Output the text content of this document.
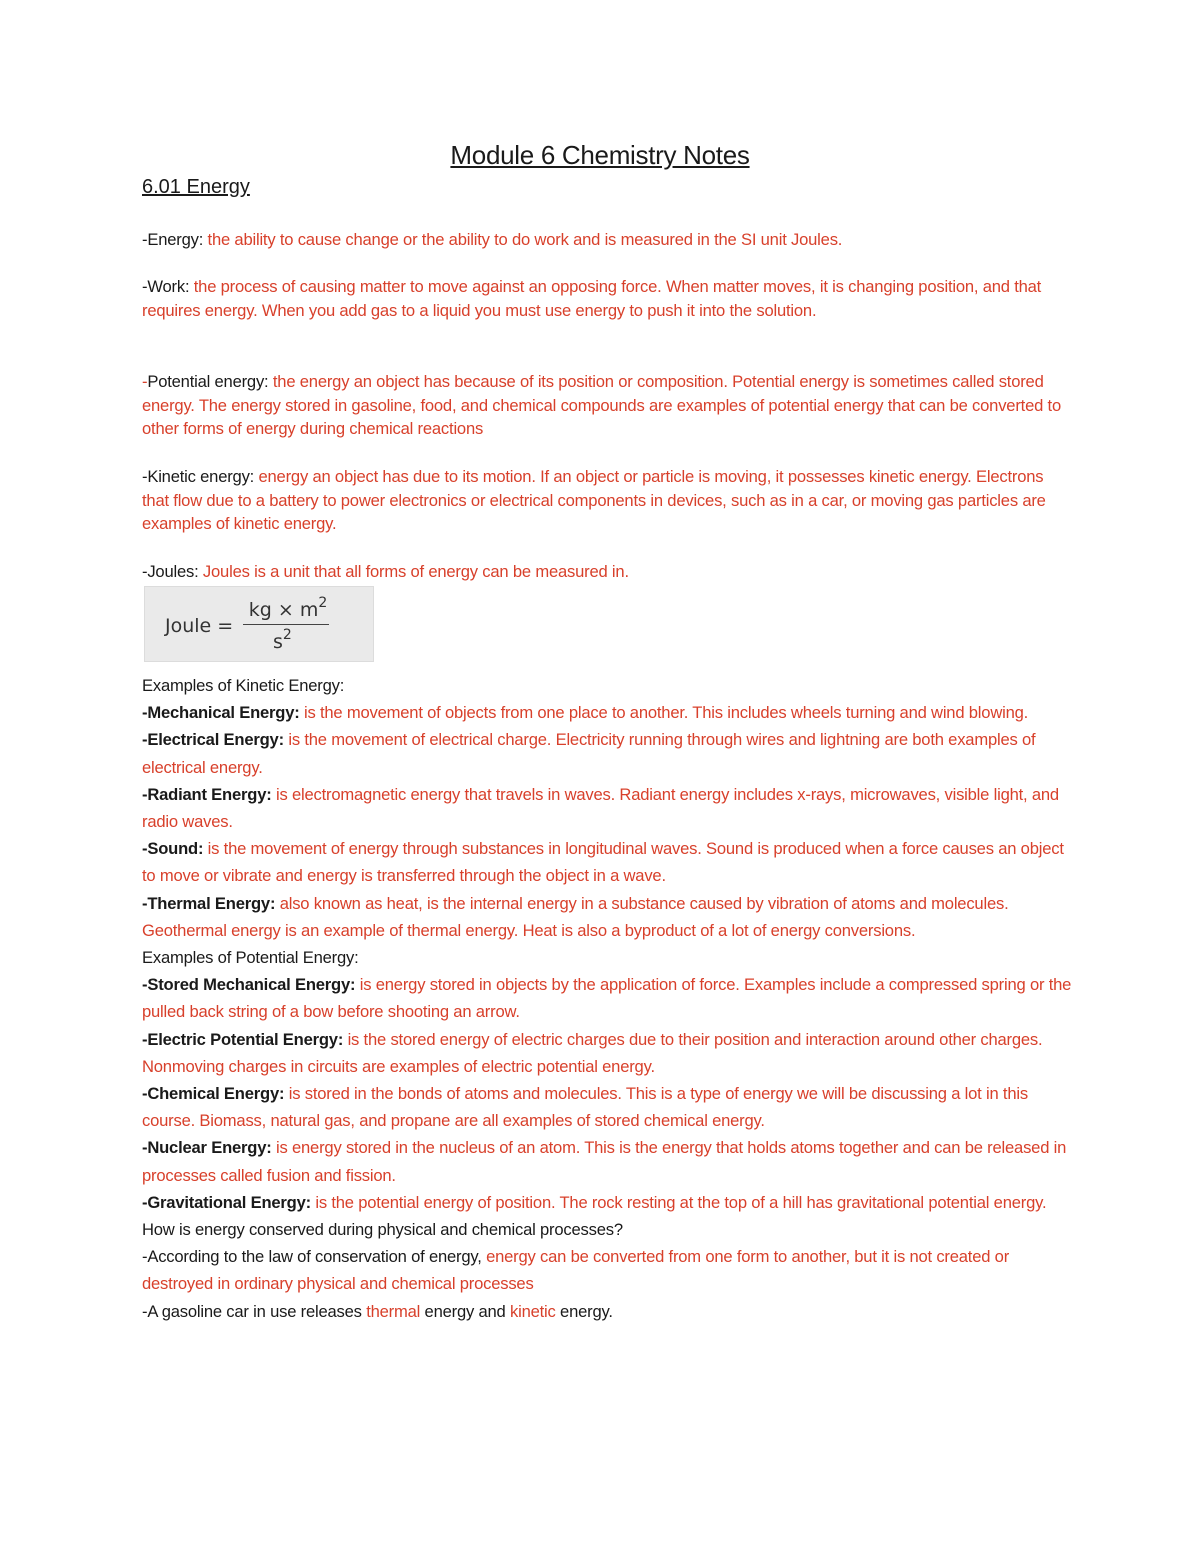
Module 6 Chemistry Notes
6.01 Energy
-Energy: the ability to cause change or the ability to do work and is measured in the SI unit Joules.
-Work: the process of causing matter to move against an opposing force. When matter moves, it is changing position, and that requires energy. When you add gas to a liquid you must use energy to push it into the solution.
-Potential energy: the energy an object has because of its position or composition. Potential energy is sometimes called stored energy. The energy stored in gasoline, food, and chemical compounds are examples of potential energy that can be converted to other forms of energy during chemical reactions
-Kinetic energy: energy an object has due to its motion. If an object or particle is moving, it possesses kinetic energy. Electrons that flow due to a battery to power electronics or electrical components in devices, such as in a car, or moving gas particles are examples of kinetic energy.
-Joules: Joules is a unit that all forms of energy can be measured in.
Joule =
kg × $m^2$
$s^2$

Examples of Kinetic Energy:

-Mechanical Energy: is the movement of objects from one place to another. This includes wheels turning and wind blowing.

-Electrical Energy: is the movement of electrical charge. Electricity running through wires and lightning are both examples of electrical energy.

-Radiant Energy: is electromagnetic energy that travels in waves. Radiant energy includes x-rays, microwaves, visible light, and radio waves.

-Sound: is the movement of energy through substances in longitudinal waves. Sound is produced when a force causes an object to move or vibrate and energy is transferred through the object in a wave.

-Thermal Energy: also known as heat, is the internal energy in a substance caused by vibration of atoms and molecules. Geothermal energy is an example of thermal energy. Heat is also a byproduct of a lot of energy conversions.

Examples of Potential Energy:

-Stored Mechanical Energy: is energy stored in objects by the application of force. Examples include a compressed spring or the pulled back string of a bow before shooting an arrow.

-Electric Potential Energy: is the stored energy of electric charges due to their position and interaction around other charges. Nonmoving charges in circuits are examples of electric potential energy.

-Chemical Energy: is stored in the bonds of atoms and molecules. This is a type of energy we will be discussing a lot in this course. Biomass, natural gas, and propane are all examples of stored chemical energy.

-Nuclear Energy: is energy stored in the nucleus of an atom. This is the energy that holds atoms together and can be released in processes called fusion and fission.

-Gravitational Energy: is the potential energy of position. The rock resting at the top of a hill has gravitational potential energy.

How is energy conserved during physical and chemical processes?

-According to the law of conservation of energy, energy can be converted from one form to another, but it is not created or destroyed in ordinary physical and chemical processes

-A gasoline car in use releases thermal energy and kinetic energy.
